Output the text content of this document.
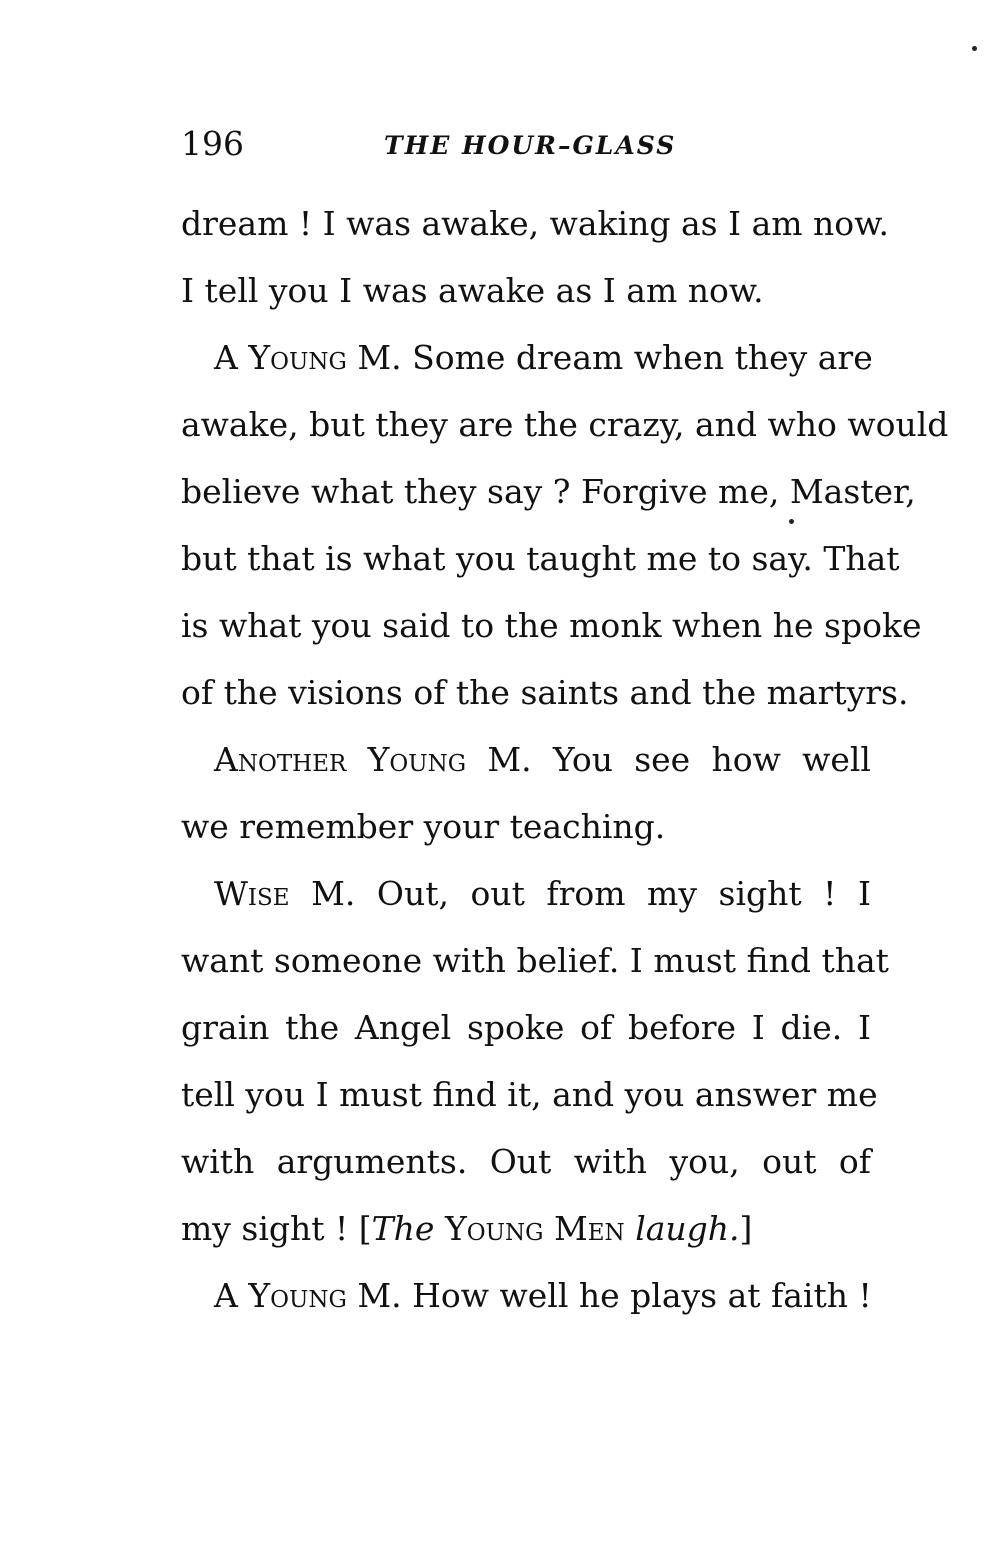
196	THE HOUR–GLASS
dream ! I was awake, waking as I am now.
I tell you I was awake as I am now.
A Young M. Some dream when they are
awake, but they are the crazy, and who would
believe what they say ? Forgive me, Master,
but that is what you taught me to say. That
is what you said to the monk when he spoke
of the visions of the saints and the martyrs.
Another Young M. You see how well
we remember your teaching.
Wise M. Out, out from my sight ! I
want someone with belief. I must find that
grain the Angel spoke of before I die. I
tell you I must find it, and you answer me
with arguments. Out with you, out of
my sight ! [The Young Men laugh.]
A Young M. How well he plays at faith !
